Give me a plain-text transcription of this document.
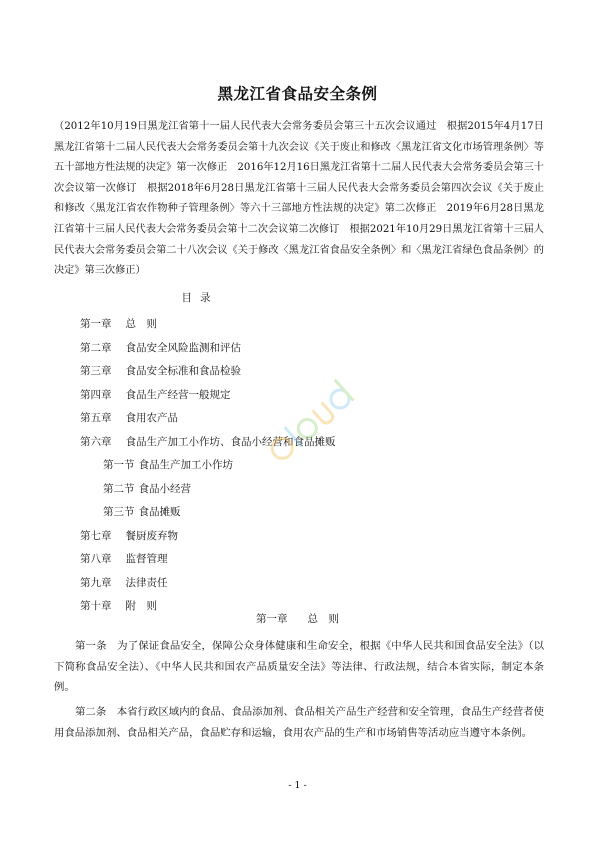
黑龙江省食品安全条例
（2012年10月19日黑龙江省第十一届人民代表大会常务委员会第三十五次会议通过　根据2015年4月17日黑龙江省第十二届人民代表大会常务委员会第十九次会议《关于废止和修改〈黑龙江省文化市场管理条例〉等五十部地方性法规的决定》第一次修正　2016年12月16日黑龙江省第十二届人民代表大会常务委员会第三十次会议第一次修订　根据2018年6月28日黑龙江省第十三届人民代表大会常务委员会第四次会议《关于废止和修改〈黑龙江省农作物种子管理条例〉等六十三部地方性法规的决定》第二次修正　2019年6月28日黑龙江省第十三届人民代表大会常务委员会第十二次会议第二次修订　根据2021年10月29日黑龙江省第十三届人民代表大会常务委员会第二十八次会议《关于修改〈黑龙江省食品安全条例〉和〈黑龙江省绿色食品条例〉的决定》第三次修正）
目录
第一章 总　则
第二章 食品安全风险监测和评估
第三章 食品安全标准和食品检验
第四章 食品生产经营一般规定
第五章 食用农产品
第六章 食品生产加工小作坊、食品小经营和食品摊贩
第一节 食品生产加工小作坊
第二节 食品小经营
第三节 食品摊贩
第七章 餐厨废弃物
第八章 监督管理
第九章 法律责任
第十章 附　则
第一章 总　则

第一条　为了保证食品安全，保障公众身体健康和生命安全，根据《中华人民共和国食品安全法》（以下简称食品安全法）、《中华人民共和国农产品质量安全法》等法律、行政法规，结合本省实际，制定本条例。

第二条　本省行政区域内的食品、食品添加剂、食品相关产品生产经营和安全管理，食品生产经营者使用食品添加剂、食品相关产品，食品贮存和运输，食用农产品的生产和市场销售等活动应当遵守本条例。

- 1 -
